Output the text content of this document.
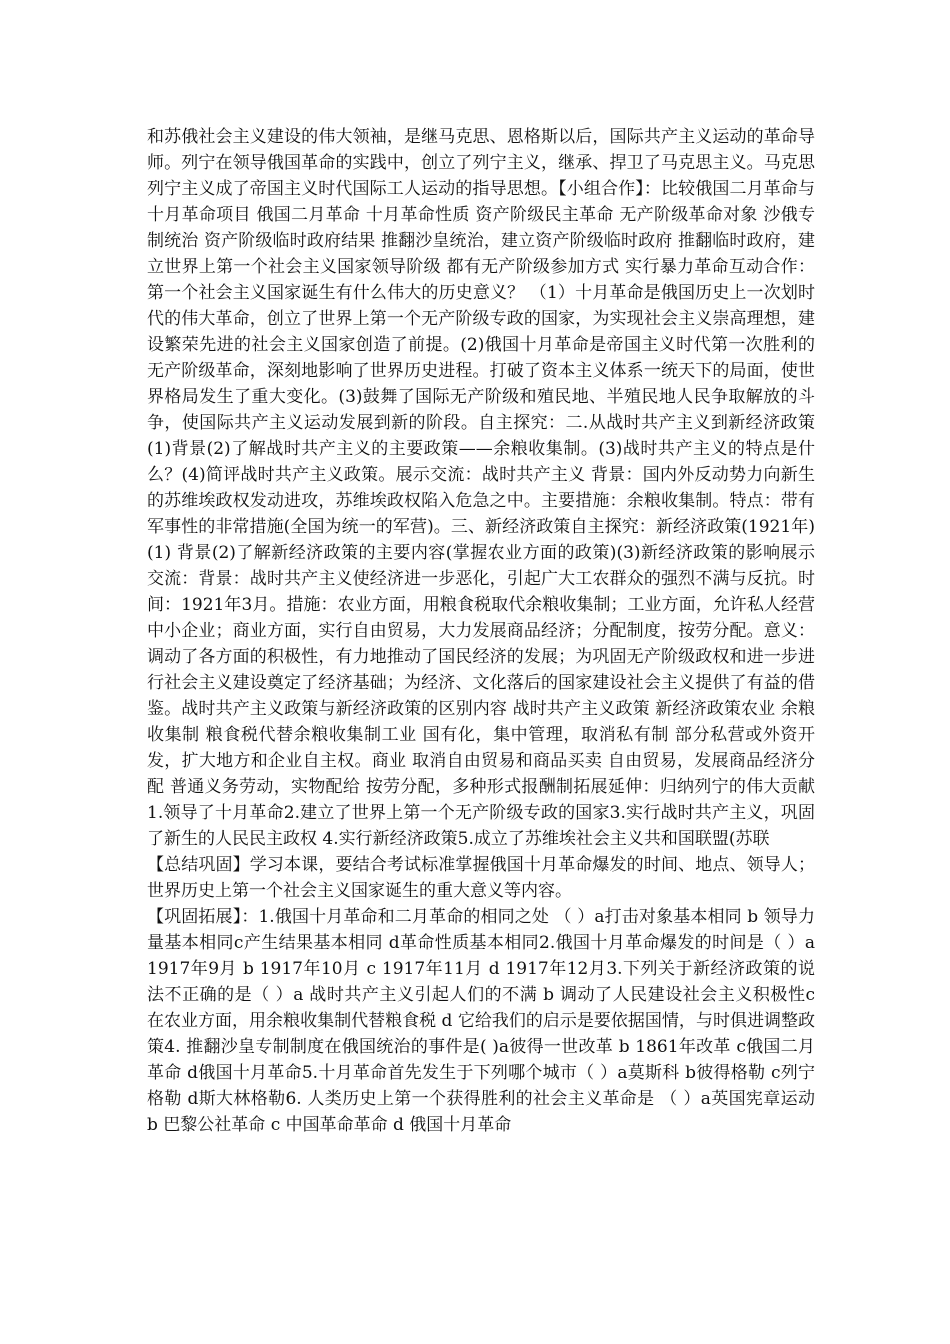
和苏俄社会主义建设的伟大领袖，是继马克思、恩格斯以后，国际共产主义运动的革命导师。列宁在领导俄国革命的实践中，创立了列宁主义，继承、捍卫了马克思主义。马克思列宁主义成了帝国主义时代国际工人运动的指导思想。【小组合作】：比较俄国二月革命与十月革命项目 俄国二月革命 十月革命性质 资产阶级民主革命 无产阶级革命对象 沙俄专制统治 资产阶级临时政府结果 推翻沙皇统治，建立资产阶级临时政府 推翻临时政府，建立世界上第一个社会主义国家领导阶级 都有无产阶级参加方式 实行暴力革命互动合作：第一个社会主义国家诞生有什么伟大的历史意义？ （1）十月革命是俄国历史上一次划时代的伟大革命，创立了世界上第一个无产阶级专政的国家，为实现社会主义崇高理想，建设繁荣先进的社会主义国家创造了前提。(2)俄国十月革命是帝国主义时代第一次胜利的无产阶级革命，深刻地影响了世界历史进程。打破了资本主义体系一统天下的局面，使世界格局发生了重大变化。(3)鼓舞了国际无产阶级和殖民地、半殖民地人民争取解放的斗争，使国际共产主义运动发展到新的阶段。自主探究：二.从战时共产主义到新经济政策(1)背景(2)了解战时共产主义的主要政策——余粮收集制。(3)战时共产主义的特点是什么？(4)简评战时共产主义政策。展示交流：战时共产主义 背景：国内外反动势力向新生的苏维埃政权发动进攻，苏维埃政权陷入危急之中。主要措施：余粮收集制。特点：带有军事性的非常措施(全国为统一的军营)。三、新经济政策自主探究：新经济政策(1921年)(1) 背景(2)了解新经济政策的主要内容(掌握农业方面的政策)(3)新经济政策的影响展示交流：背景：战时共产主义使经济进一步恶化，引起广大工农群众的强烈不满与反抗。时间：1921年3月。措施：农业方面，用粮食税取代余粮收集制；工业方面，允许私人经营中小企业；商业方面，实行自由贸易，大力发展商品经济；分配制度，按劳分配。意义：调动了各方面的积极性，有力地推动了国民经济的发展；为巩固无产阶级政权和进一步进行社会主义建设奠定了经济基础；为经济、文化落后的国家建设社会主义提供了有益的借鉴。战时共产主义政策与新经济政策的区别内容 战时共产主义政策 新经济政策农业 余粮收集制 粮食税代替余粮收集制工业 国有化，集中管理，取消私有制 部分私营或外资开发，扩大地方和企业自主权。商业 取消自由贸易和商品买卖 自由贸易，发展商品经济分配 普通义务劳动，实物配给 按劳分配，多种形式报酬制拓展延伸：归纳列宁的伟大贡献1.领导了十月革命2.建立了世界上第一个无产阶级专政的国家3.实行战时共产主义，巩固了新生的人民民主政权 4.实行新经济政策5.成立了苏维埃社会主义共和国联盟(苏联

【总结巩固】学习本课，要结合考试标准掌握俄国十月革命爆发的时间、地点、领导人；世界历史上第一个社会主义国家诞生的重大意义等内容。

【巩固拓展】：1.俄国十月革命和二月革命的相同之处 （ ）a打击对象基本相同 b 领导力量基本相同c产生结果基本相同 d革命性质基本相同2.俄国十月革命爆发的时间是（ ）a 1917年9月 b 1917年10月 c 1917年11月 d 1917年12月3.下列关于新经济政策的说法不正确的是（ ）a 战时共产主义引起人们的不满 b 调动了人民建设社会主义积极性c 在农业方面，用余粮收集制代替粮食税 d 它给我们的启示是要依据国情，与时俱进调整政策4. 推翻沙皇专制制度在俄国统治的事件是( )a彼得一世改革 b 1861年改革 c俄国二月革命 d俄国十月革命5.十月革命首先发生于下列哪个城市（ ）a莫斯科 b彼得格勒 c列宁格勒 d斯大林格勒6. 人类历史上第一个获得胜利的社会主义革命是 （ ）a英国宪章运动 b 巴黎公社革命 c 中国革命革命 d 俄国十月革命
